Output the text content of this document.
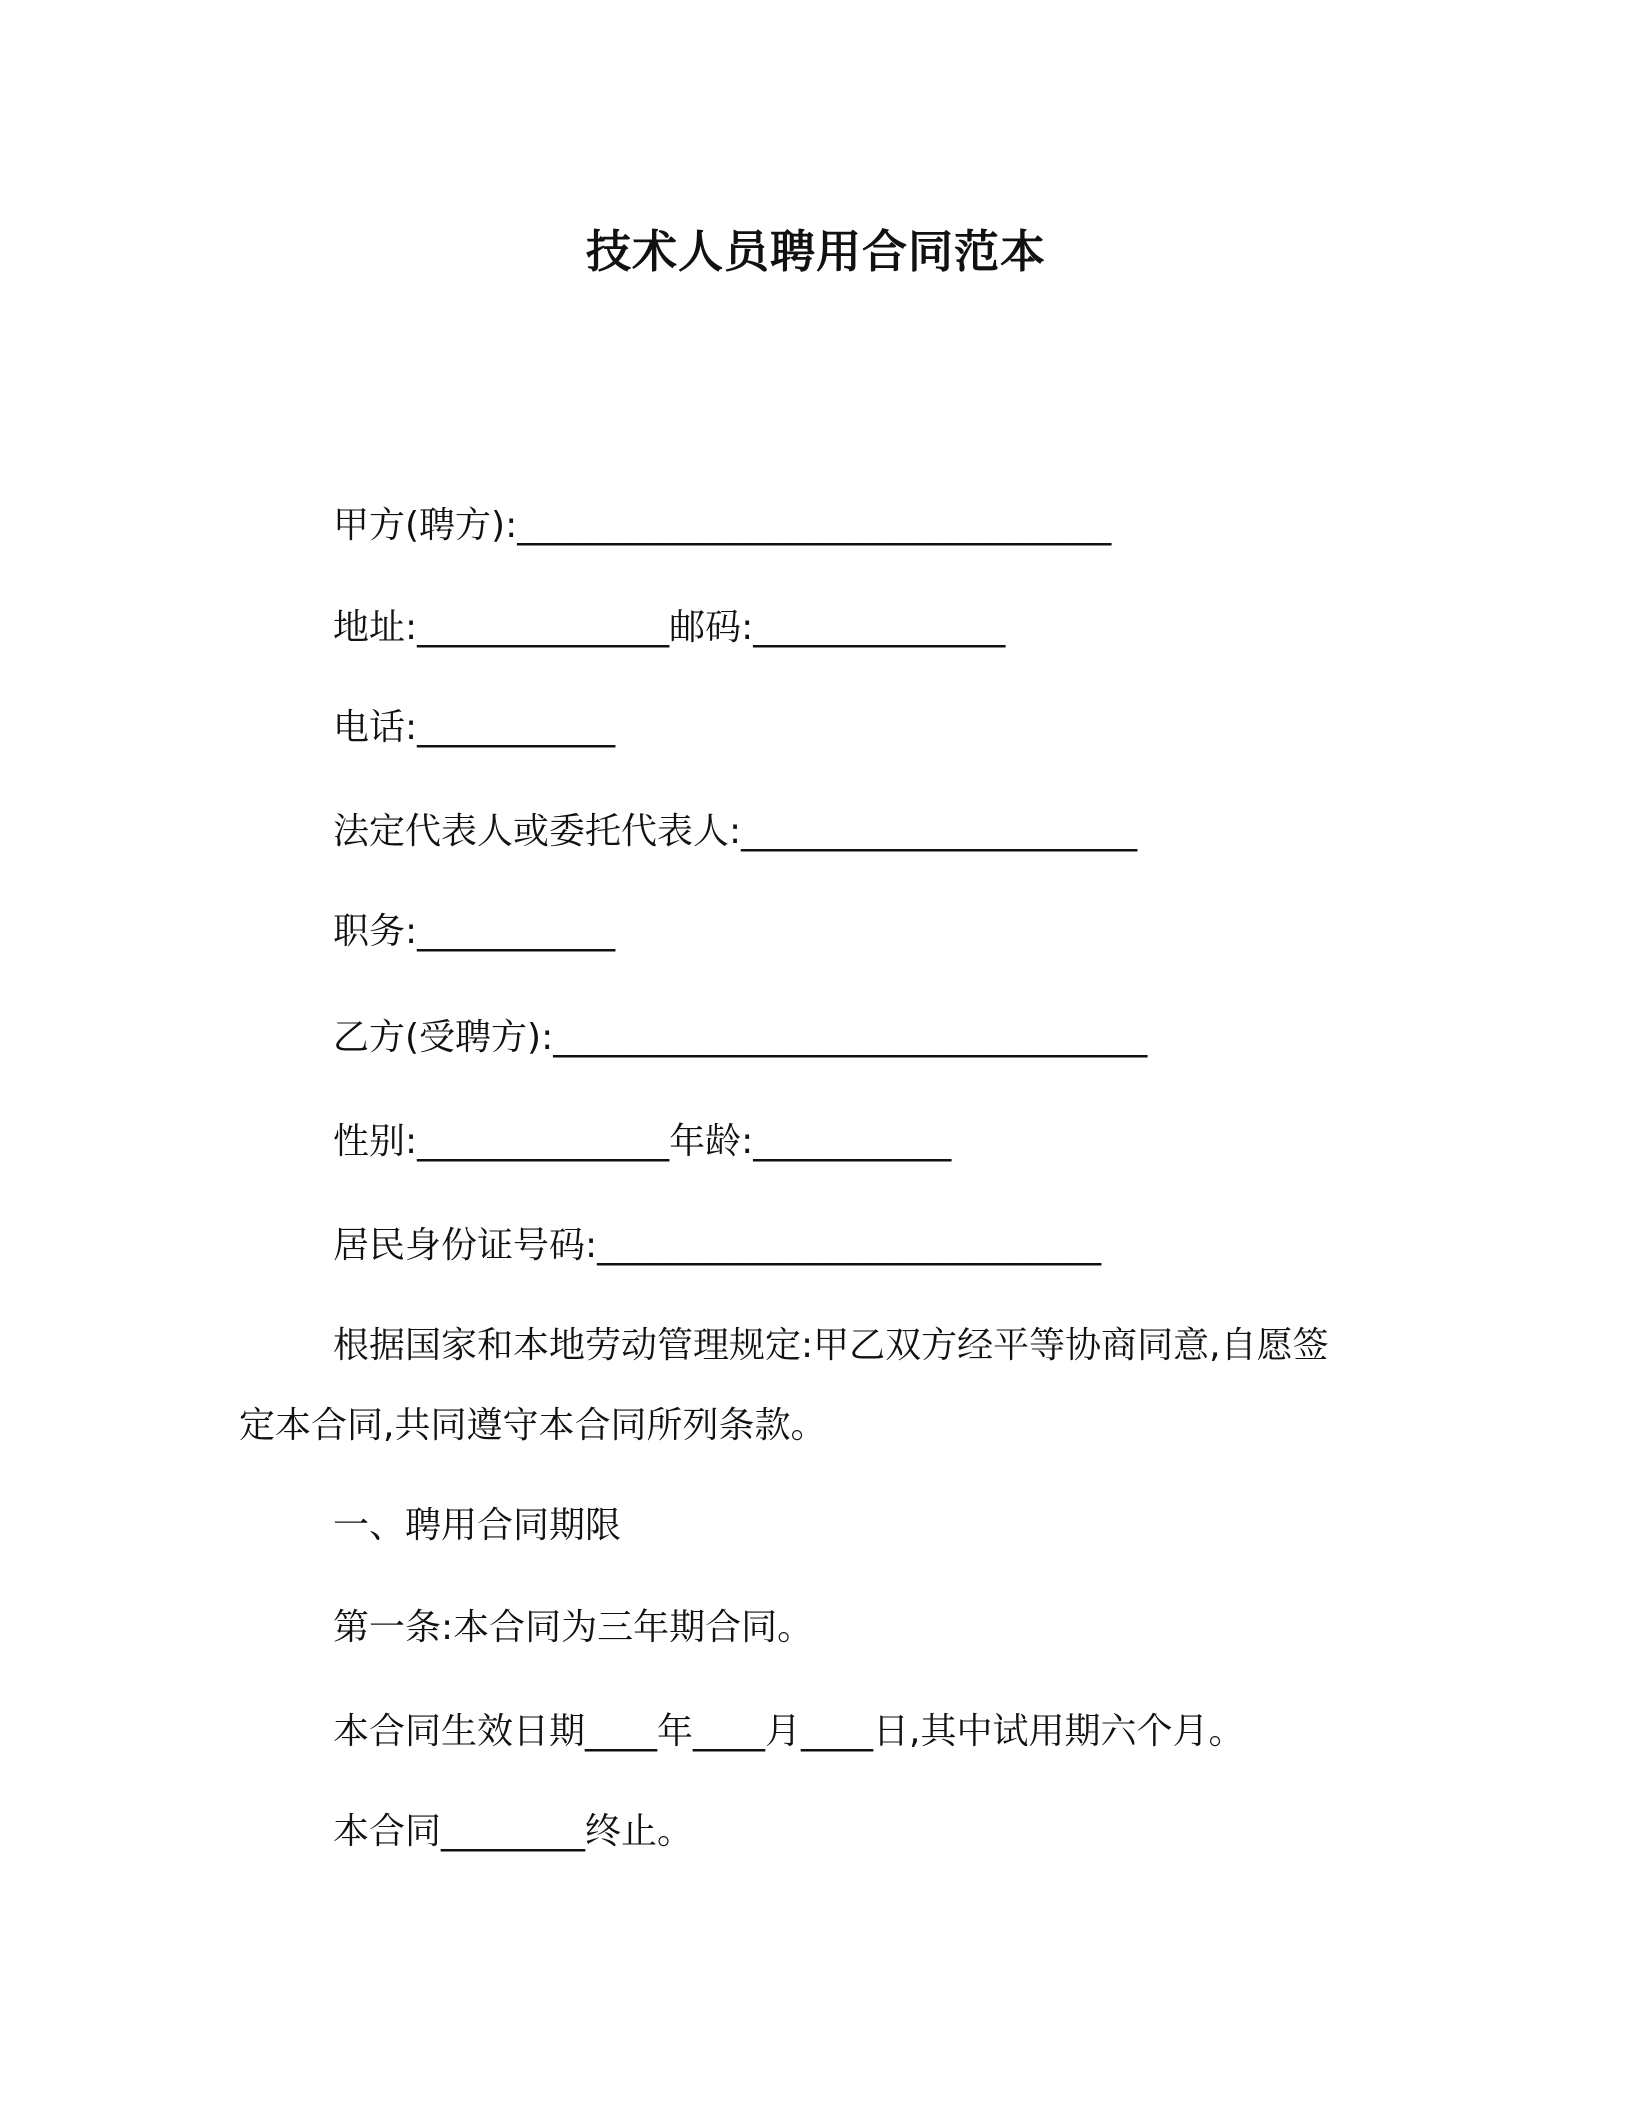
技术人员聘用合同范本
甲方(聘方):_________________________________
地址:______________邮码:______________
电话:___________
法定代表人或委托代表人:______________________
职务:___________
乙方(受聘方):_________________________________
性别:______________年龄:___________
居民身份证号码:____________________________
根据国家和本地劳动管理规定:甲乙双方经平等协商同意,自愿签
定本合同,共同遵守本合同所列条款。
一、聘用合同期限
第一条:本合同为三年期合同。
本合同生效日期____年____月____日,其中试用期六个月。
本合同________终止。
